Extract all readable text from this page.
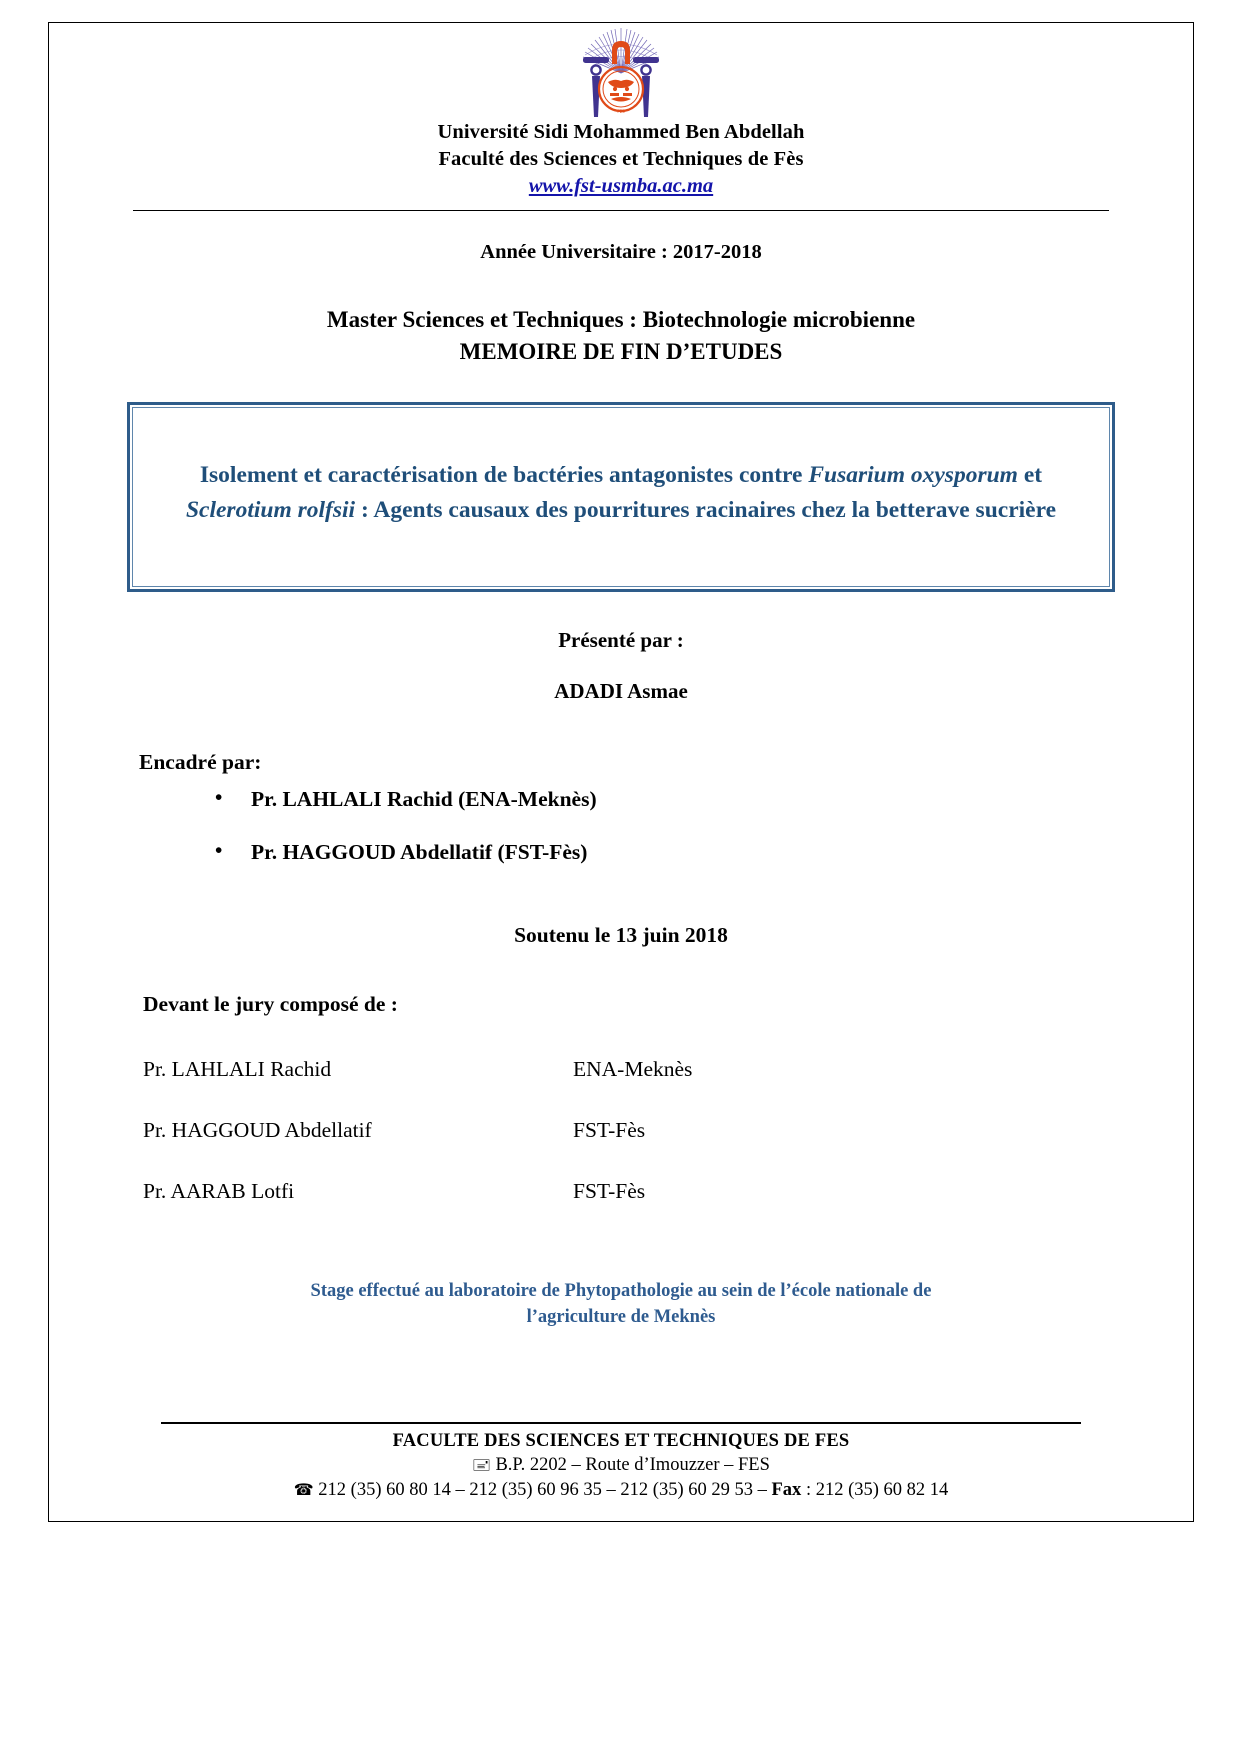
FES
Université Sidi Mohammed Ben Abdellah
Faculté des Sciences et Techniques de Fès
www.fst-usmba.ac.ma
Année Universitaire : 2017-2018
Master Sciences et Techniques : Biotechnologie microbienne
MEMOIRE DE FIN D’ETUDES

Isolement et caractérisation de bactéries antagonistes contre Fusarium oxysporum et Sclerotium rolfsii : Agents causaux des pourritures racinaires chez la betterave sucrière

Présenté par :
ADADI Asmae
Encadré par:
• Pr. LAHLALI Rachid (ENA-Meknès)
• Pr. HAGGOUD Abdellatif (FST-Fès)
Soutenu le 13 juin 2018
Devant le jury composé de :
Pr. LAHLALI Rachid	ENA-Meknès
Pr. HAGGOUD Abdellatif	FST-Fès
Pr. AARAB Lotfi	FST-Fès
Stage effectué au laboratoire de Phytopathologie au sein de l’école nationale de
l’agriculture de Meknès
FACULTE DES SCIENCES ET TECHNIQUES DE FES
🖃 B.P. 2202 – Route d’Imouzzer – FES
☎ 212 (35) 60 80 14 – 212 (35) 60 96 35 – 212 (35) 60 29 53 – Fax : 212 (35) 60 82 14
